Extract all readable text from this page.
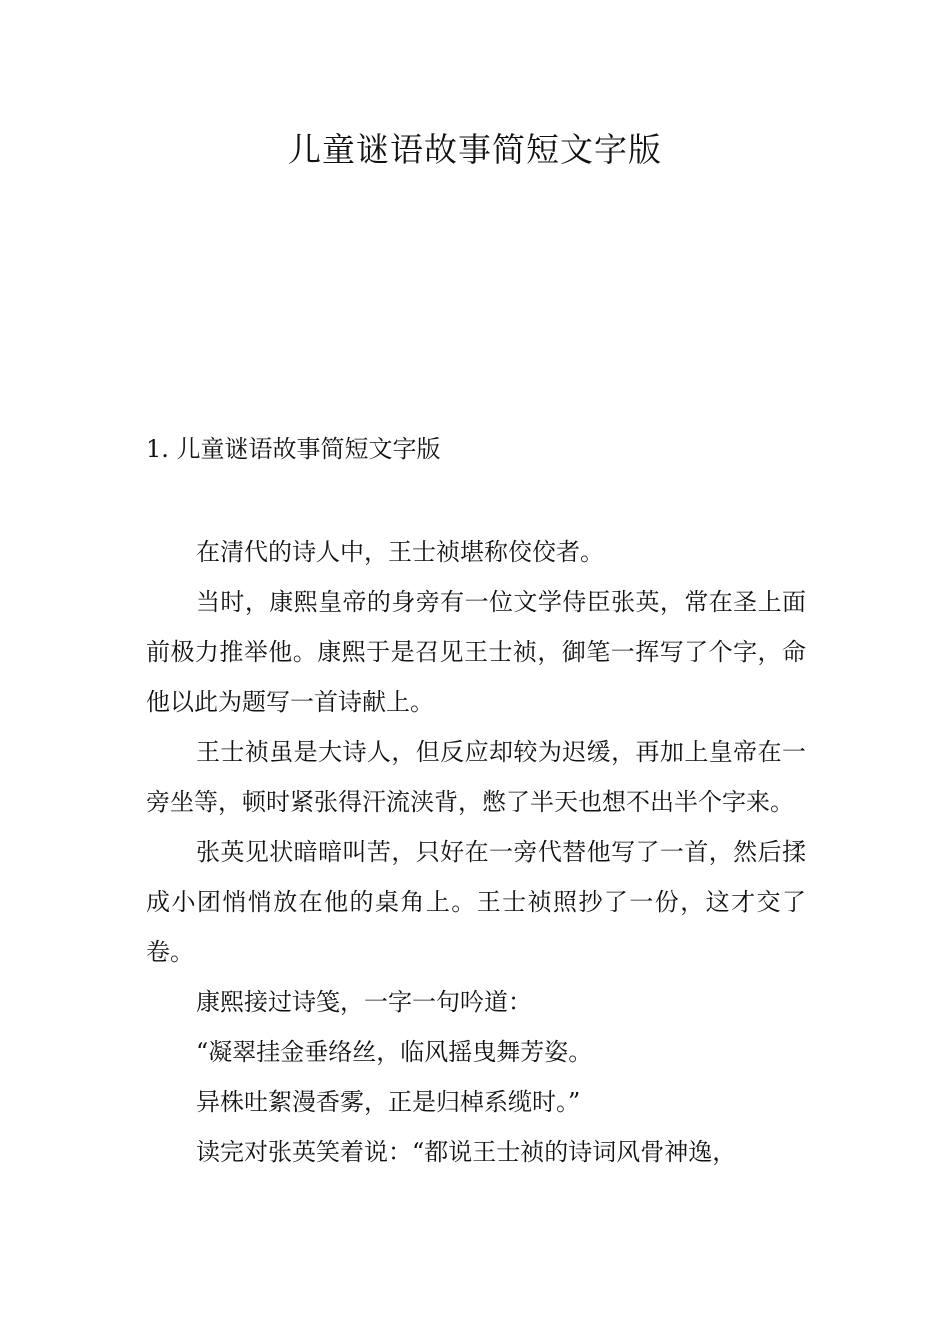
儿童谜语故事简短文字版
1. 儿童谜语故事简短文字版

在清代的诗人中，王士祯堪称佼佼者。

当时，康熙皇帝的身旁有一位文学侍臣张英，常在圣上面前极力推举他。康熙于是召见王士祯，御笔一挥写了个字，命他以此为题写一首诗献上。

王士祯虽是大诗人，但反应却较为迟缓，再加上皇帝在一旁坐等，顿时紧张得汗流浃背，憋了半天也想不出半个字来。

张英见状暗暗叫苦，只好在一旁代替他写了一首，然后揉成小团悄悄放在他的桌角上。王士祯照抄了一份，这才交了卷。

康熙接过诗笺，一字一句吟道：

“凝翠挂金垂络丝，临风摇曳舞芳姿。

异株吐絮漫香雾，正是归棹系缆时。”

读完对张英笑着说：“都说王士祯的诗词风骨神逸，
